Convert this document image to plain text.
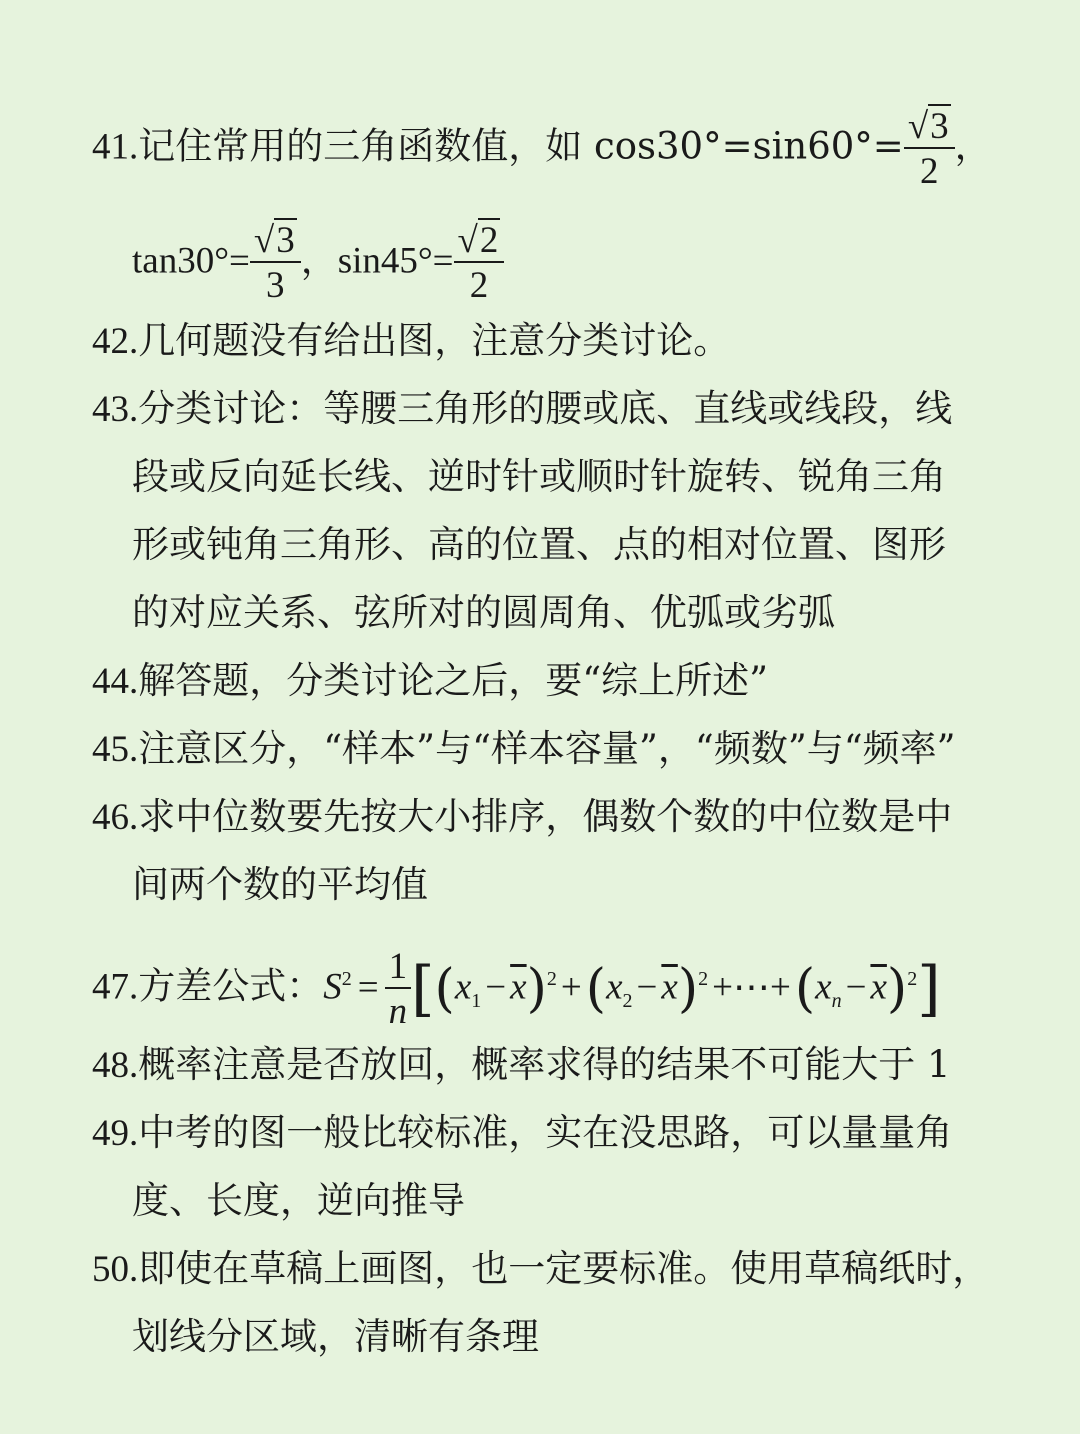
41.记住常用的三角函数值，如 $\cos 30^\circ=\sin 60^\circ= \frac{√3}{2}$ ，
$\tan 30^\circ= \frac{√3}{3}$ ，$\sin 45^\circ= \frac{√2}{2}$
42.几何题没有给出图，注意分类讨论。
43.分类讨论：等腰三角形的腰或底、直线或线段，线
段或反向延长线、逆时针或顺时针旋转、锐角三角
形或钝角三角形、高的位置、点的相对位置、图形
的对应关系、弦所对的圆周角、优弧或劣弧
44.解答题，分类讨论之后，要“综上所述”
45.注意区分，“样本”与“样本容量”，“频数”与“频率”
46.求中位数要先按大小排序，偶数个数的中位数是中
间两个数的平均值
47.方差公式：$S^2 = \frac{1}{n} [(x_1 - \overline{x})^2 +(x_2 - \overline{x})^2$ $+\cdots+(x_n - \overline{x})^2$]
48.概率注意是否放回，概率求得的结果不可能大于 1
49.中考的图一般比较标准，实在没思路，可以量量角
度、长度，逆向推导
50.即使在草稿上画图，也一定要标准。使用草稿纸时，
划线分区域，清晰有条理
